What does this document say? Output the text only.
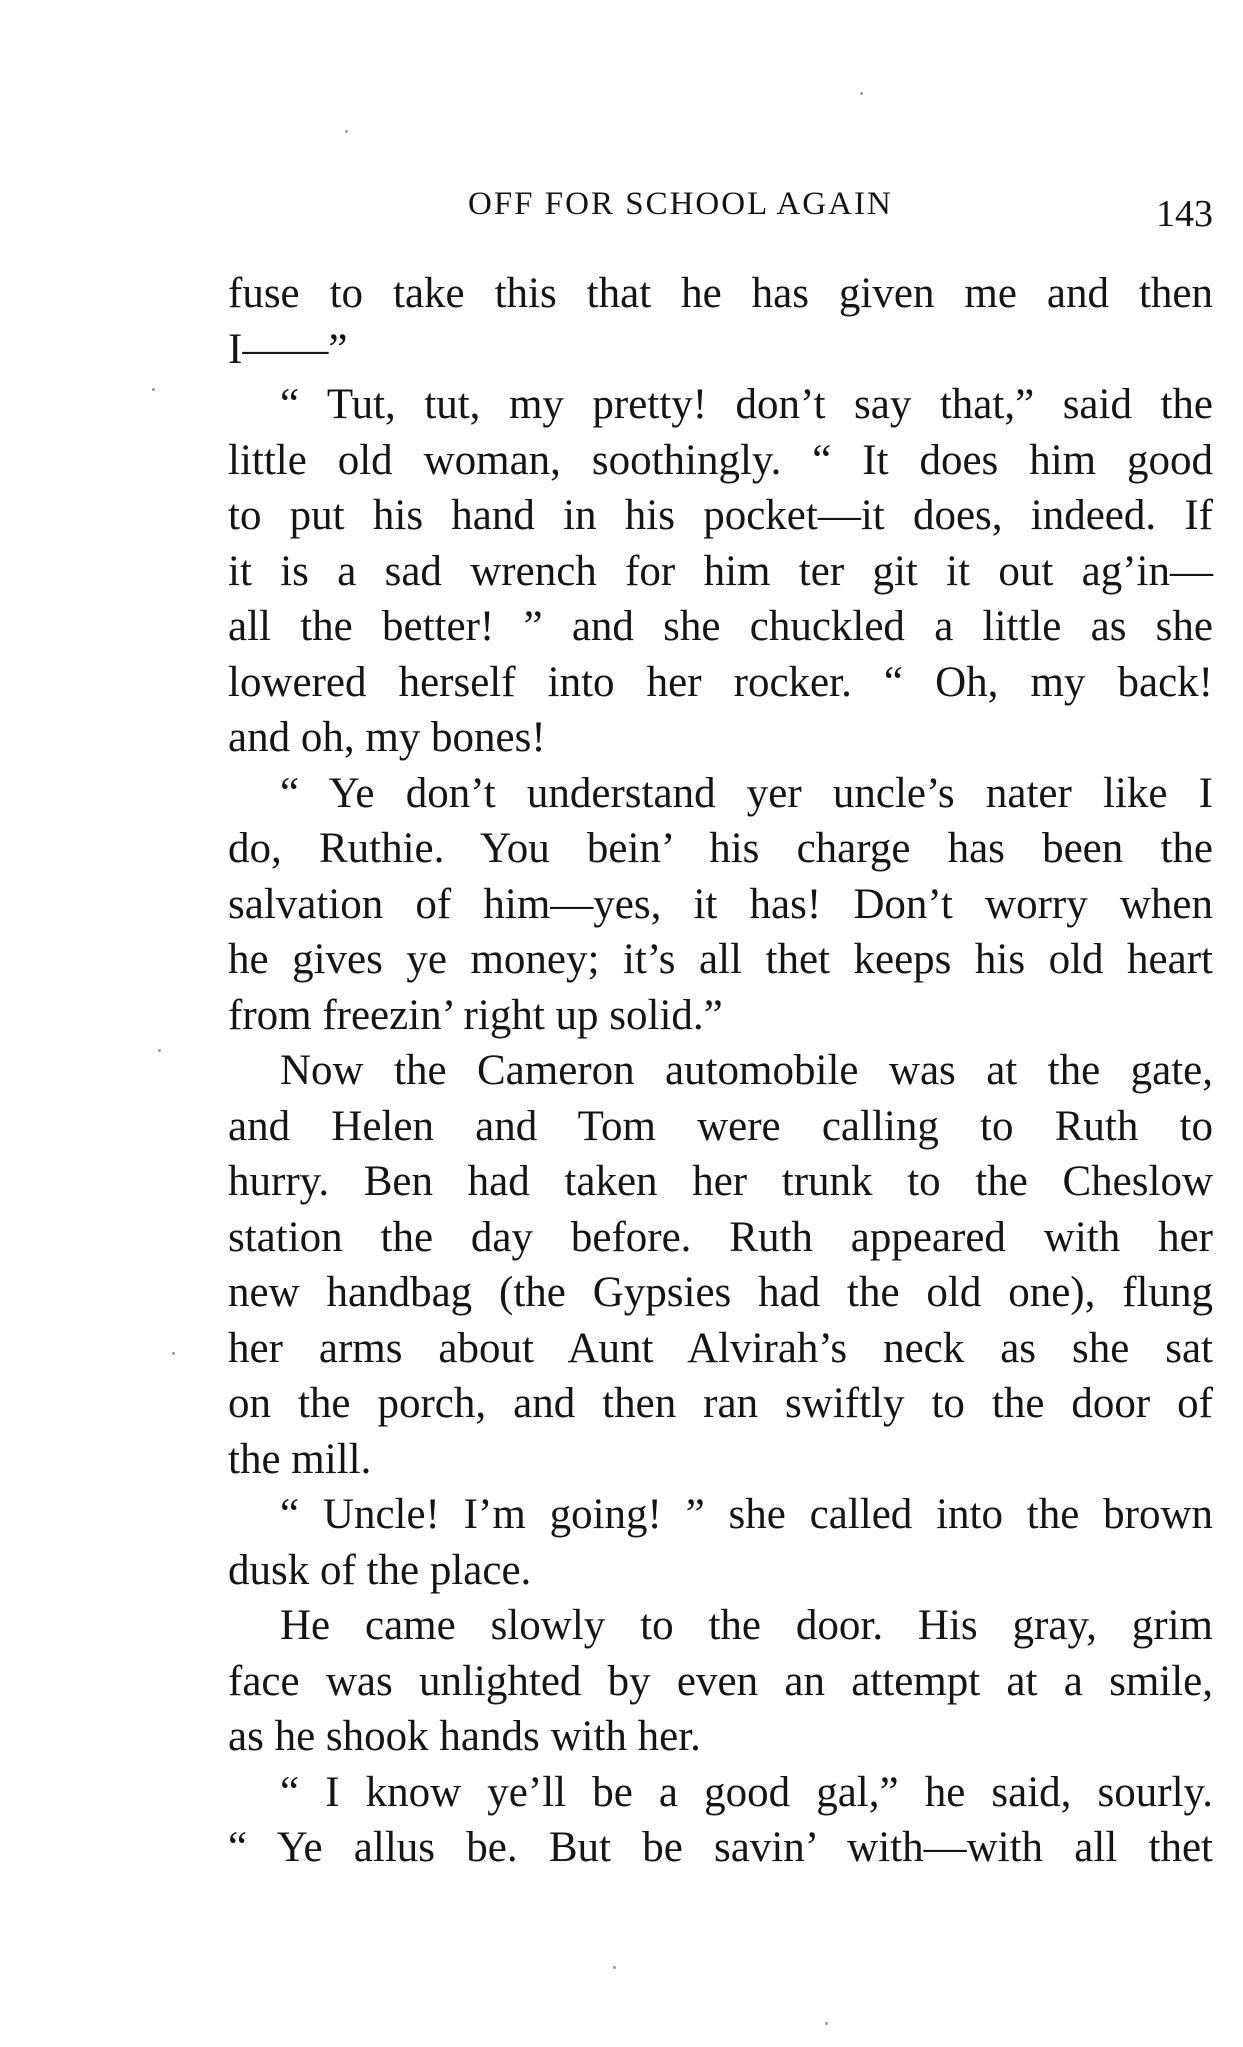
OFF FOR SCHOOL AGAIN	143
fuse to take this that he has given me and then
I——”
“ Tut, tut, my pretty! don’t say that,” said the
little old woman, soothingly. “ It does him good
to put his hand in his pocket—it does, indeed. If
it is a sad wrench for him ter git it out ag’in—
all the better! ” and she chuckled a little as she
lowered herself into her rocker. “ Oh, my back!
and oh, my bones!
“ Ye don’t understand yer uncle’s nater like I
do, Ruthie. You bein’ his charge has been the
salvation of him—yes, it has! Don’t worry when
he gives ye money; it’s all thet keeps his old heart
from freezin’ right up solid.”
Now the Cameron automobile was at the gate,
and Helen and Tom were calling to Ruth to
hurry. Ben had taken her trunk to the Cheslow
station the day before. Ruth appeared with her
new handbag (the Gypsies had the old one), flung
her arms about Aunt Alvirah’s neck as she sat
on the porch, and then ran swiftly to the door of
the mill.
“ Uncle! I’m going! ” she called into the brown
dusk of the place.
He came slowly to the door. His gray, grim
face was unlighted by even an attempt at a smile,
as he shook hands with her.
“ I know ye’ll be a good gal,” he said, sourly.
“ Ye allus be. But be savin’ with—with all thet
